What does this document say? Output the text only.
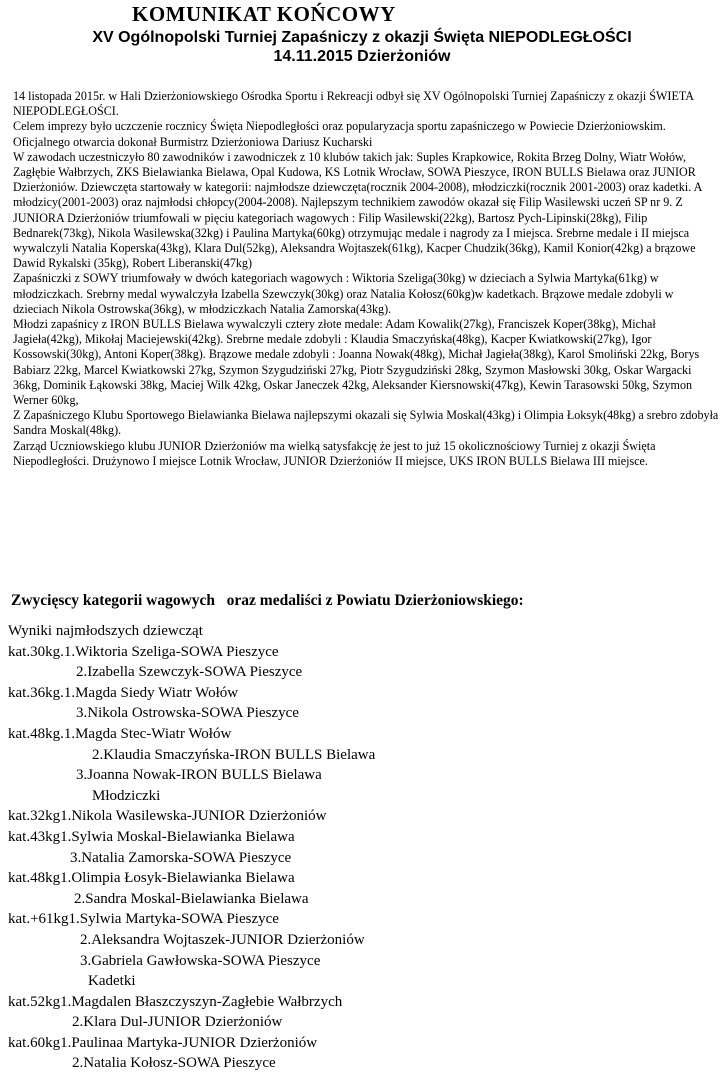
KOMUNIKAT KOŃCOWY
XV Ogólnopolski Turniej Zapaśniczy z okazji Święta NIEPODLEGŁOŚCI
14.11.2015 Dzierżoniów

14 listopada 2015r. w Hali Dzierżoniowskiego Ośrodka Sportu i Rekreacji odbył się XV Ogólnopolski Turniej Zapaśniczy z okazji ŚWIETA NIEPODLEGŁOŚCI.

Celem imprezy było uczczenie rocznicy Święta Niepodległości oraz popularyzacja sportu zapaśniczego w Powiecie Dzierżoniowskim. Oficjalnego otwarcia dokonał Burmistrz Dzierżoniowa Dariusz Kucharski

W zawodach uczestniczyło 80 zawodników i zawodniczek z 10 klubów takich jak: Suples Krapkowice, Rokita Brzeg Dolny, Wiatr Wołów, Zagłębie Wałbrzych, ZKS Bielawianka Bielawa, Opal Kudowa, KS Lotnik Wrocław, SOWA Pieszyce, IRON BULLS Bielawa oraz JUNIOR Dzierżoniów. Dziewczęta startowały w kategorii: najmłodsze dziewczęta(rocznik 2004-2008), młodziczki(rocznik 2001-2003) oraz kadetki. A młodzicy(2001-2003) oraz najmłodsi chłopcy(2004-2008). Najlepszym technikiem zawodów okazał się Filip Wasilewski uczeń SP nr 9. Z JUNIORA Dzierżoniów triumfowali w pięciu kategoriach wagowych : Filip Wasilewski(22kg), Bartosz Pych-Lipinski(28kg), Filip Bednarek(73kg), Nikola Wasilewska(32kg) i Paulina Martyka(60kg) otrzymując medale i nagrody za I miejsca. Srebrne medale i II miejsca wywalczyli Natalia Koperska(43kg), Klara Dul(52kg), Aleksandra Wojtaszek(61kg), Kacper Chudzik(36kg), Kamil Konior(42kg) a brązowe Dawid Rykalski (35kg), Robert Liberanski(47kg)

Zapaśniczki z SOWY triumfowały w dwóch kategoriach wagowych : Wiktoria Szeliga(30kg) w dzieciach a Sylwia Martyka(61kg) w młodziczkach. Srebrny medal wywalczyła Izabella Szewczyk(30kg) oraz Natalia Kołosz(60kg)w kadetkach. Brązowe medale zdobyli w dzieciach Nikola Ostrowska(36kg), w młodziczkach Natalia Zamorska(43kg).

Młodzi zapaśnicy z IRON BULLS Bielawa wywalczyli cztery złote medale: Adam Kowalik(27kg), Franciszek Koper(38kg), Michał Jagieła(42kg), Mikołaj Maciejewski(42kg). Srebrne medale zdobyli : Klaudia Smaczyńska(48kg), Kacper Kwiatkowski(27kg), Igor Kossowski(30kg), Antoni Koper(38kg). Brązowe medale zdobyli : Joanna Nowak(48kg), Michał Jagieła(38kg), Karol Smoliński 22kg, Borys Babiarz 22kg, Marcel Kwiatkowski 27kg, Szymon Szygudziński 27kg, Piotr Szygudziński 28kg, Szymon Masłowski 30kg, Oskar Wargacki 36kg, Dominik Łąkowski 38kg, Maciej Wilk 42kg, Oskar Janeczek 42kg, Aleksander Kiersnowski(47kg), Kewin Tarasowski 50kg, Szymon Werner 60kg,

Z Zapaśniczego Klubu Sportowego Bielawianka Bielawa najlepszymi okazali się Sylwia Moskal(43kg) i Olimpia Łoksyk(48kg) a srebro zdobyła Sandra Moskal(48kg).

Zarząd Uczniowskiego klubu JUNIOR Dzierżoniów ma wielką satysfakcję że jest to już 15 okolicznościowy Turniej z okazji Święta Niepodległości. Drużynowo I miejsce Lotnik Wrocław, JUNIOR Dzierżoniów II miejsce, UKS IRON BULLS Bielawa III miejsce.

Zwycięscy kategorii wagowych   oraz medaliści z Powiatu Dzierżoniowskiego:
Wyniki najmłodszych dziewcząt
kat.30kg.1.Wiktoria Szeliga-SOWA Pieszyce
2.Izabella Szewczyk-SOWA Pieszyce
kat.36kg.1.Magda Siedy Wiatr Wołów
3.Nikola Ostrowska-SOWA Pieszyce
kat.48kg.1.Magda Stec-Wiatr Wołów
2.Klaudia Smaczyńska-IRON BULLS Bielawa
3.Joanna Nowak-IRON BULLS Bielawa
Młodziczki
kat.32kg1.Nikola Wasilewska-JUNIOR Dzierżoniów
kat.43kg1.Sylwia Moskal-Bielawianka Bielawa
3.Natalia Zamorska-SOWA Pieszyce
kat.48kg1.Olimpia Łosyk-Bielawianka Bielawa
2.Sandra Moskal-Bielawianka Bielawa
kat.+61kg1.Sylwia Martyka-SOWA Pieszyce
2.Aleksandra Wojtaszek-JUNIOR Dzierżoniów
3.Gabriela Gawłowska-SOWA Pieszyce
Kadetki
kat.52kg1.Magdalen Błaszczyszyn-Zagłebie Wałbrzych
2.Klara Dul-JUNIOR Dzierżoniów
kat.60kg1.Paulinaa Martyka-JUNIOR Dzierżoniów
2.Natalia Kołosz-SOWA Pieszyce
